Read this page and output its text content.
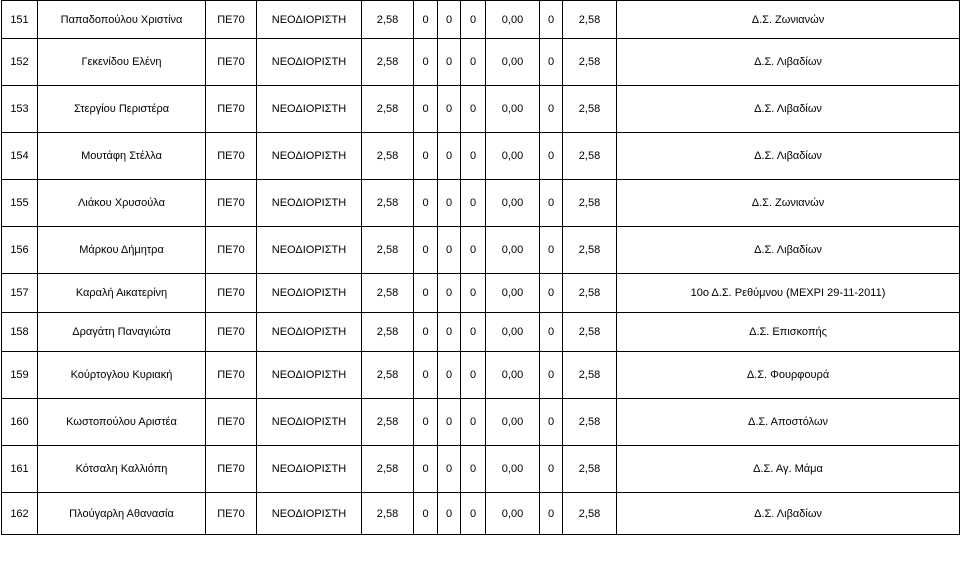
151	Παπαδοπούλου Χριστίνα	ΠΕ70	ΝΕΟΔΙΟΡΙΣΤΗ	2,58	0	0	0	0,00	0	2,58	Δ.Σ. Ζωνιανών
152	Γεκενίδου Ελένη	ΠΕ70	ΝΕΟΔΙΟΡΙΣΤΗ	2,58	0	0	0	0,00	0	2,58	Δ.Σ. Λιβαδίων
153	Στεργίου Περιστέρα	ΠΕ70	ΝΕΟΔΙΟΡΙΣΤΗ	2,58	0	0	0	0,00	0	2,58	Δ.Σ. Λιβαδίων
154	Μουτάφη Στέλλα	ΠΕ70	ΝΕΟΔΙΟΡΙΣΤΗ	2,58	0	0	0	0,00	0	2,58	Δ.Σ. Λιβαδίων
155	Λιάκου Χρυσούλα	ΠΕ70	ΝΕΟΔΙΟΡΙΣΤΗ	2,58	0	0	0	0,00	0	2,58	Δ.Σ. Ζωνιανών
156	Μάρκου Δήμητρα	ΠΕ70	ΝΕΟΔΙΟΡΙΣΤΗ	2,58	0	0	0	0,00	0	2,58	Δ.Σ. Λιβαδίων
157	Καραλή Αικατερίνη	ΠΕ70	ΝΕΟΔΙΟΡΙΣΤΗ	2,58	0	0	0	0,00	0	2,58	10ο Δ.Σ. Ρεθύμνου (ΜΕΧΡΙ 29-11-2011)
158	Δραγάτη Παναγιώτα	ΠΕ70	ΝΕΟΔΙΟΡΙΣΤΗ	2,58	0	0	0	0,00	0	2,58	Δ.Σ. Επισκοπής
159	Κούρτογλου Κυριακή	ΠΕ70	ΝΕΟΔΙΟΡΙΣΤΗ	2,58	0	0	0	0,00	0	2,58	Δ.Σ. Φουρφουρά
160	Κωστοπούλου Αριστέα	ΠΕ70	ΝΕΟΔΙΟΡΙΣΤΗ	2,58	0	0	0	0,00	0	2,58	Δ.Σ. Αποστόλων
161	Κότσαλη Καλλιόπη	ΠΕ70	ΝΕΟΔΙΟΡΙΣΤΗ	2,58	0	0	0	0,00	0	2,58	Δ.Σ. Αγ. Μάμα
162	Πλούγαρλη Αθανασία	ΠΕ70	ΝΕΟΔΙΟΡΙΣΤΗ	2,58	0	0	0	0,00	0	2,58	Δ.Σ. Λιβαδίων
